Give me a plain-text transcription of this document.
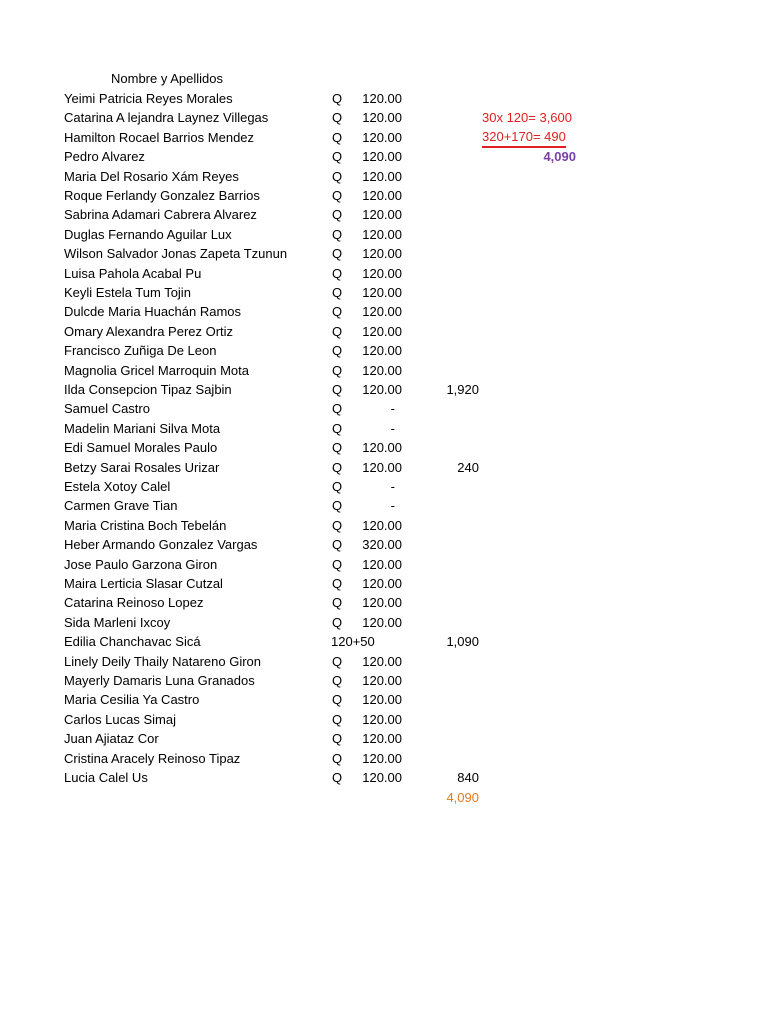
Nombre y Apellidos
Yeimi Patricia Reyes Morales	Q	120.00
Catarina A lejandra Laynez Villegas	Q	120.00
Hamilton Rocael Barrios Mendez	Q	120.00
Pedro Alvarez	Q	120.00
Maria Del Rosario Xám Reyes	Q	120.00
Roque Ferlandy Gonzalez Barrios	Q	120.00
Sabrina Adamari Cabrera Alvarez	Q	120.00
Duglas Fernando Aguilar Lux	Q	120.00
Wilson Salvador Jonas Zapeta Tzunun	Q	120.00
Luisa Pahola Acabal Pu	Q	120.00
Keyli Estela Tum Tojin	Q	120.00
Dulcde Maria Huachán Ramos	Q	120.00
Omary Alexandra Perez Ortiz	Q	120.00
Francisco Zuñiga De Leon	Q	120.00
Magnolia Gricel Marroquin Mota	Q	120.00
Ilda Consepcion Tipaz Sajbin	Q	120.00	1,920
Samuel Castro	Q	-
Madelin Mariani Silva Mota	Q	-
Edi Samuel Morales Paulo	Q	120.00
Betzy Sarai Rosales Urizar	Q	120.00	240
Estela Xotoy Calel	Q	-
Carmen Grave Tian	Q	-
Maria Cristina Boch Tebelán	Q	120.00
Heber Armando Gonzalez Vargas	Q	320.00
Jose Paulo Garzona Giron	Q	120.00
Maira Lerticia Slasar Cutzal	Q	120.00
Catarina Reinoso Lopez	Q	120.00
Sida Marleni Ixcoy	Q	120.00
Edilia Chanchavac Sicá	120+50	1,090
Linely Deily Thaily Natareno Giron	Q	120.00
Mayerly Damaris Luna Granados	Q	120.00
Maria Cesilia Ya Castro	Q	120.00
Carlos Lucas Simaj	Q	120.00
Juan Ajiataz Cor	Q	120.00
Cristina Aracely Reinoso Tipaz	Q	120.00
Lucia Calel Us	Q	120.00	840
30x 120= 3,600
320+170= 490
4,090
4,090
